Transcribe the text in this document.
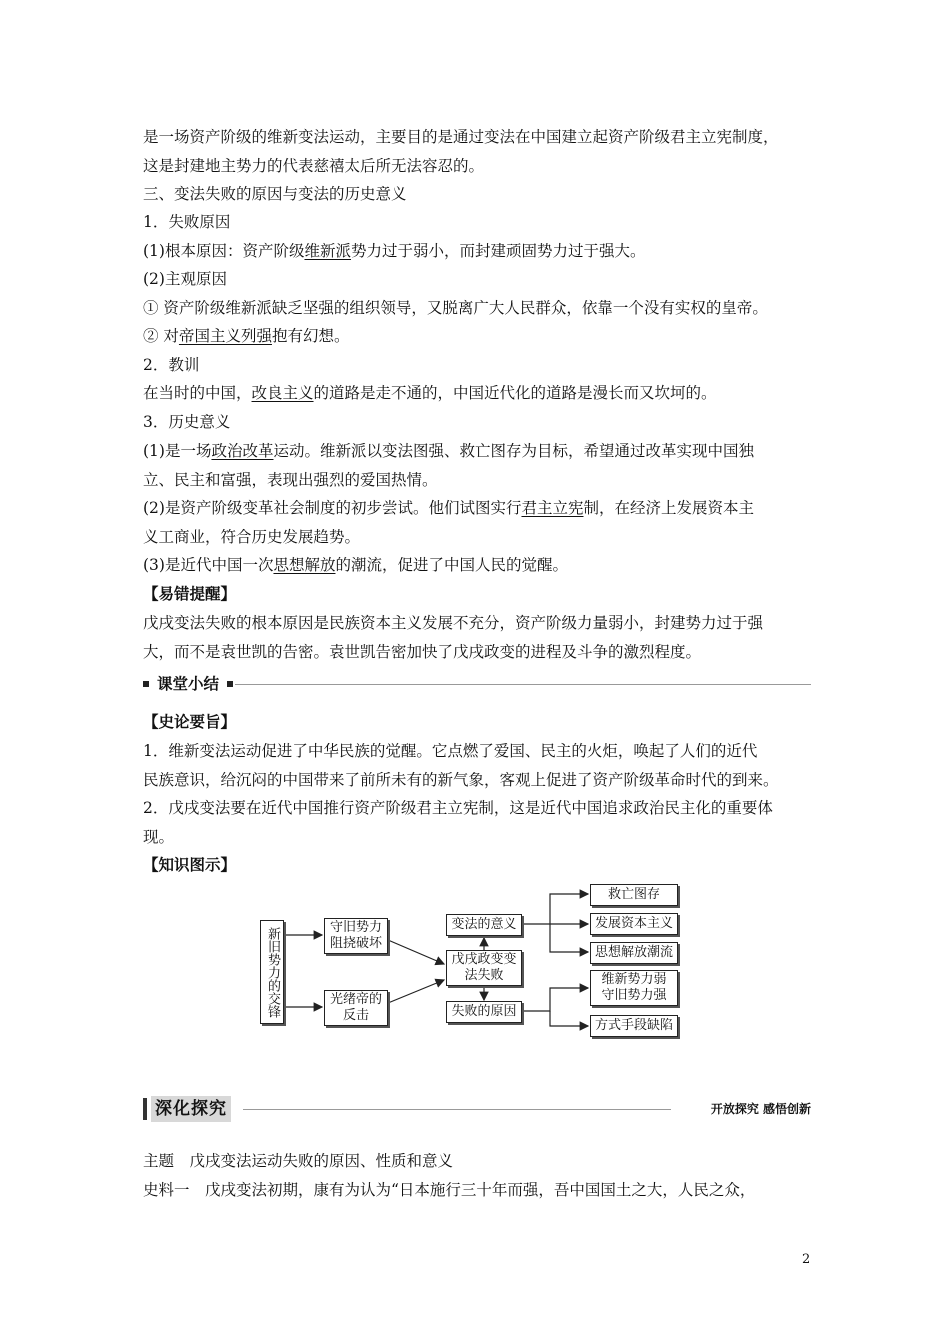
是一场资产阶级的维新变法运动，主要目的是通过变法在中国建立起资产阶级君主立宪制度，
这是封建地主势力的代表慈禧太后所无法容忍的。
三、变法失败的原因与变法的历史意义
1．失败原因
(1)根本原因：资产阶级维新派势力过于弱小，而封建顽固势力过于强大。
(2)主观原因
① 资产阶级维新派缺乏坚强的组织领导，又脱离广大人民群众，依靠一个没有实权的皇帝。
② 对帝国主义列强抱有幻想。
2．教训
在当时的中国，改良主义的道路是走不通的，中国近代化的道路是漫长而又坎坷的。
3．历史意义
(1)是一场政治改革运动。维新派以变法图强、救亡图存为目标，希望通过改革实现中国独
立、民主和富强，表现出强烈的爱国热情。
(2)是资产阶级变革社会制度的初步尝试。他们试图实行君主立宪制，在经济上发展资本主
义工商业，符合历史发展趋势。
(3)是近代中国一次思想解放的潮流，促进了中国人民的觉醒。
【易错提醒】
戊戌变法失败的根本原因是民族资本主义发展不充分，资产阶级力量弱小，封建势力过于强
大，而不是袁世凯的告密。袁世凯告密加快了戊戌政变的进程及斗争的激烈程度。
课堂小结
【史论要旨】
1．维新变法运动促进了中华民族的觉醒。它点燃了爱国、民主的火炬，唤起了人们的近代
民族意识，给沉闷的中国带来了前所未有的新气象，客观上促进了资产阶级革命时代的到来。
2．戊戌变法要在近代中国推行资产阶级君主立宪制，这是近代中国追求政治民主化的重要体
现。
【知识图示】
新旧势力的交锋	守旧势力阻挠破坏
光绪帝的反击
戊戌政变变法失败
变法的意义
失败的原因
救亡图存
发展资本主义
思想解放潮流
维新势力弱守旧势力强
方式手段缺陷
深化探究	开放探究 感悟创新
主题　戊戌变法运动失败的原因、性质和意义
史料一　戊戌变法初期，康有为认为“日本施行三十年而强，吾中国国土之大，人民之众，
2
